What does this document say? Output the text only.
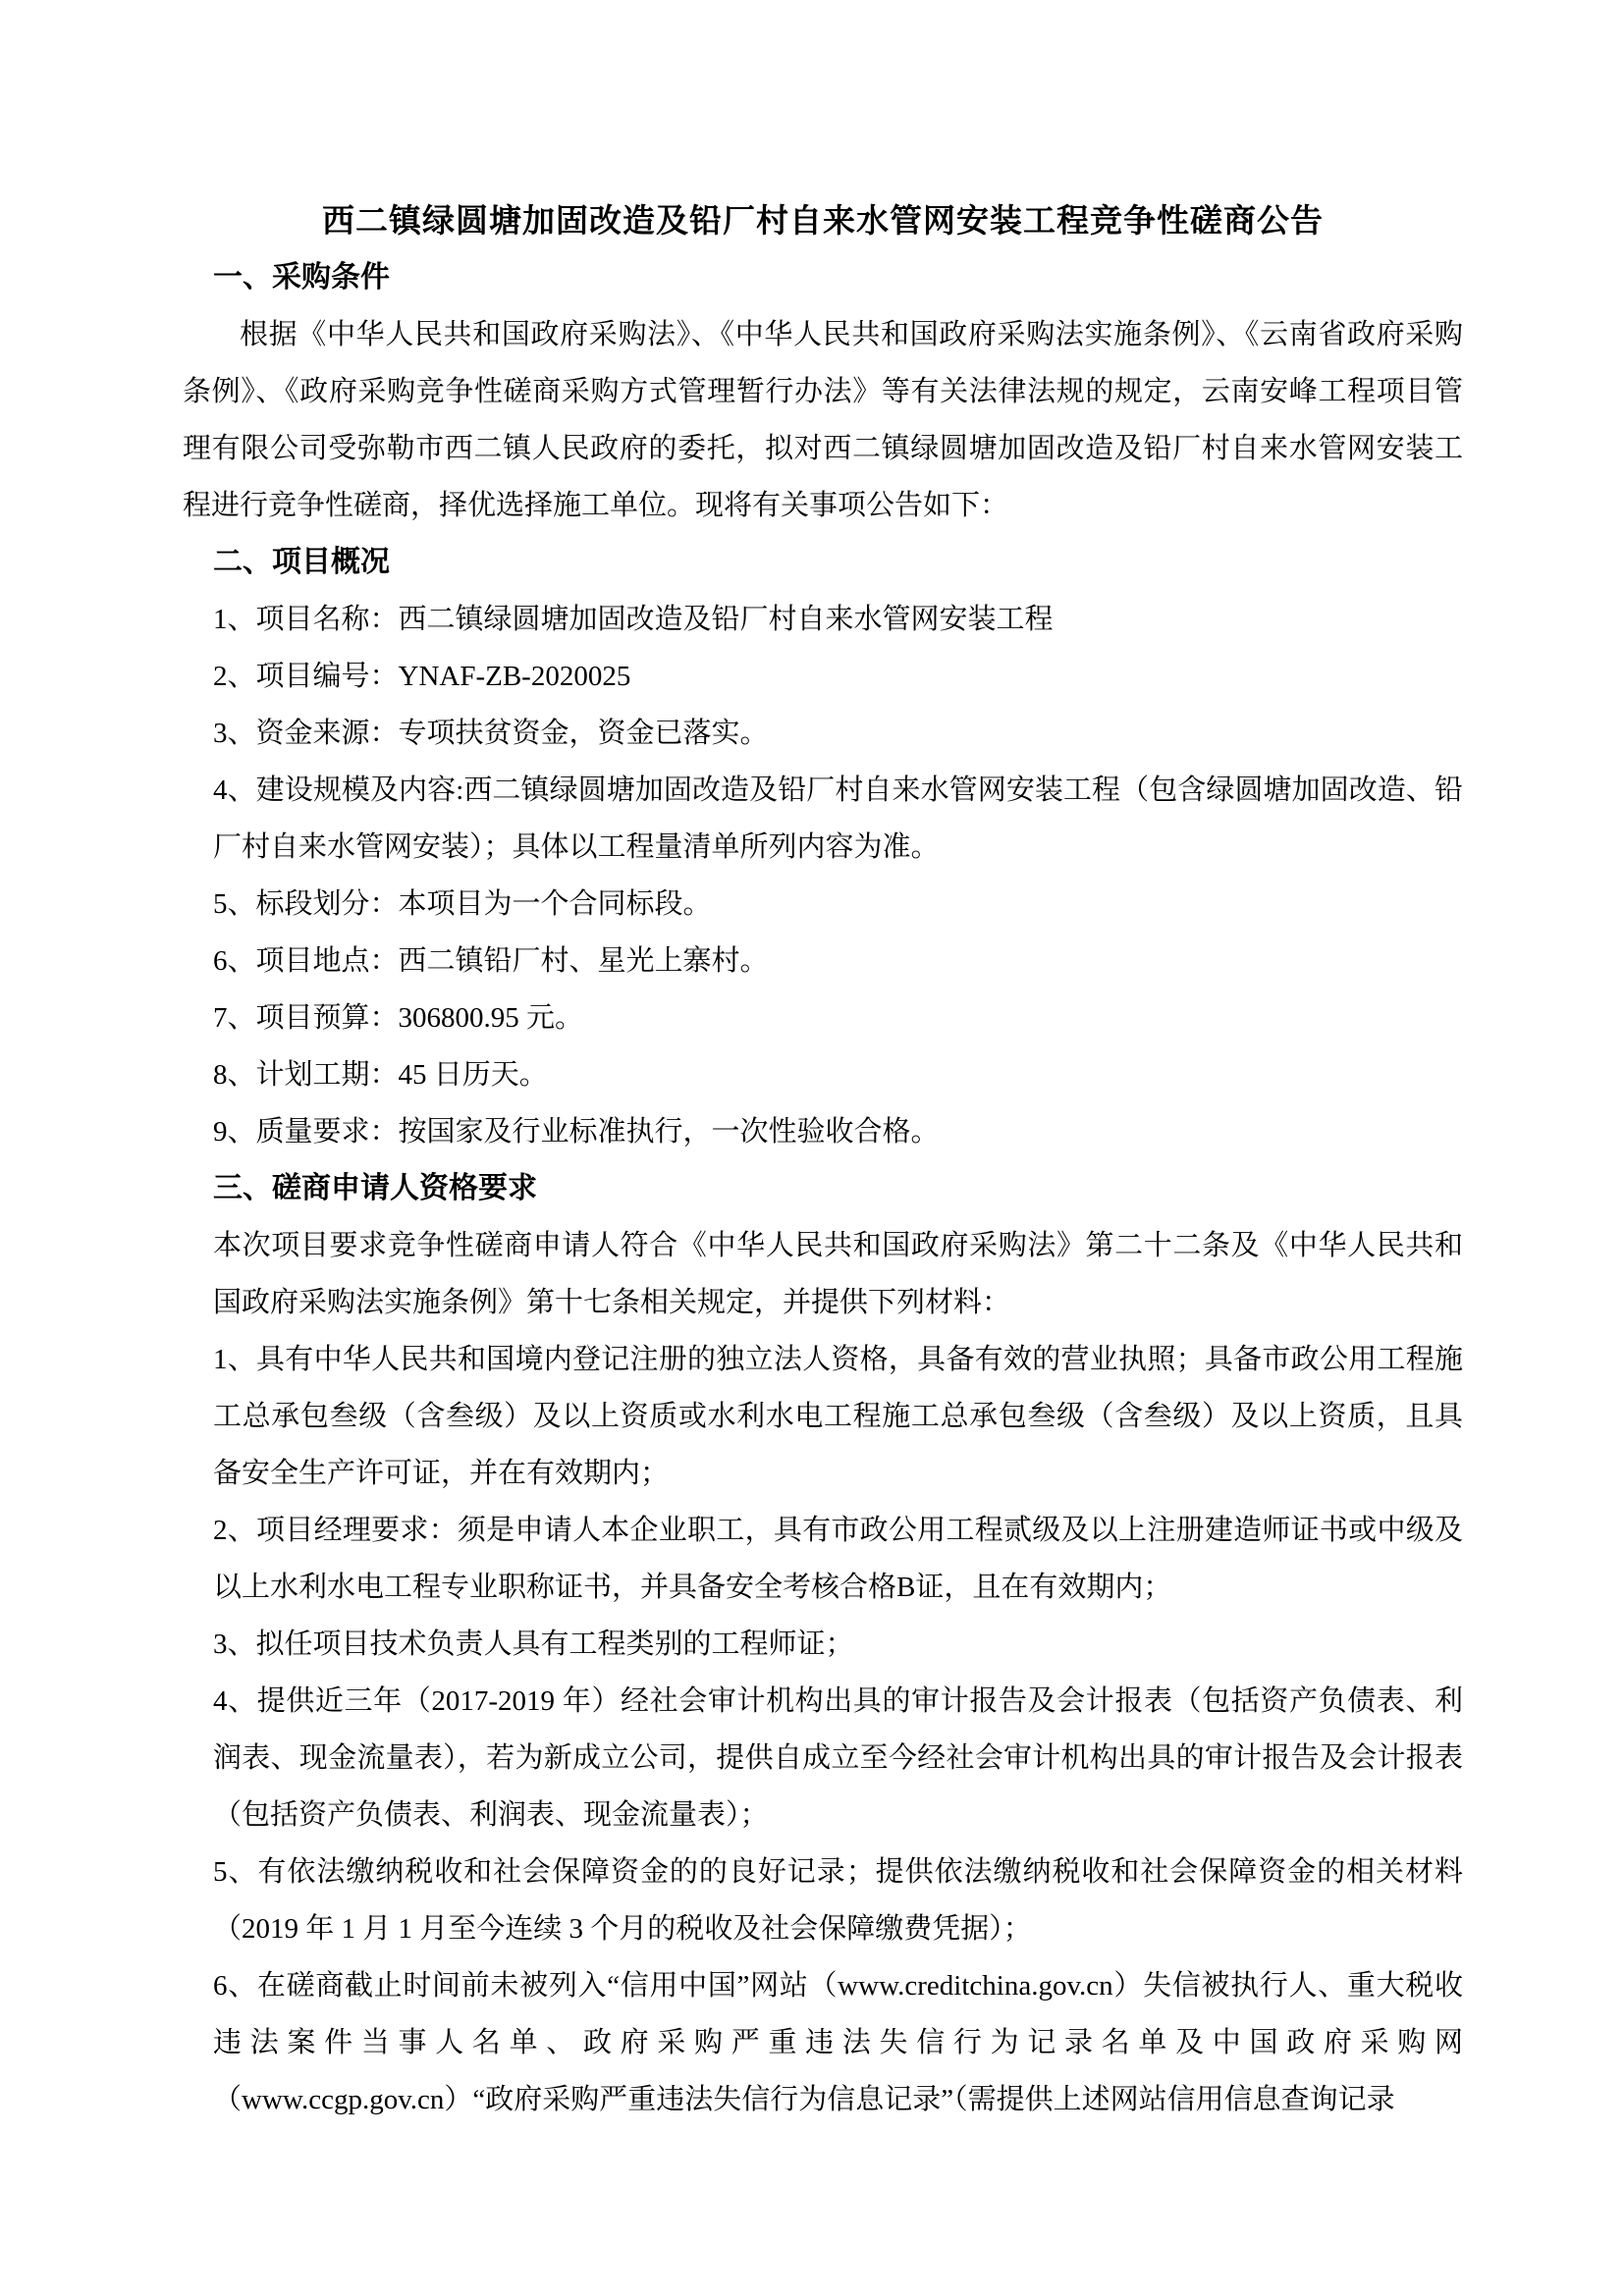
西二镇绿圆塘加固改造及铅厂村自来水管网安装工程竞争性磋商公告
一、采购条件

根据《中华人民共和国政府采购法》、《中华人民共和国政府采购法实施条例》、《云南省政府采购条例》、《政府采购竞争性磋商采购方式管理暂行办法》等有关法律法规的规定，云南安峰工程项目管理有限公司受弥勒市西二镇人民政府的委托，拟对西二镇绿圆塘加固改造及铅厂村自来水管网安装工程进行竞争性磋商，择优选择施工单位。现将有关事项公告如下：

二、项目概况

1、项目名称：西二镇绿圆塘加固改造及铅厂村自来水管网安装工程

2、项目编号：YNAF-ZB-2020025

3、资金来源：专项扶贫资金，资金已落实。

4、建设规模及内容:西二镇绿圆塘加固改造及铅厂村自来水管网安装工程（包含绿圆塘加固改造、铅厂村自来水管网安装）；具体以工程量清单所列内容为准。

5、标段划分：本项目为一个合同标段。

6、项目地点：西二镇铅厂村、星光上寨村。

7、项目预算：306800.95 元。

8、计划工期：45 日历天。

9、质量要求：按国家及行业标准执行，一次性验收合格。

三、磋商申请人资格要求

本次项目要求竞争性磋商申请人符合《中华人民共和国政府采购法》第二十二条及《中华人民共和国政府采购法实施条例》第十七条相关规定，并提供下列材料：

1、具有中华人民共和国境内登记注册的独立法人资格，具备有效的营业执照；具备市政公用工程施工总承包叁级（含叁级）及以上资质或水利水电工程施工总承包叁级（含叁级）及以上资质，且具备安全生产许可证，并在有效期内；

2、项目经理要求：须是申请人本企业职工，具有市政公用工程贰级及以上注册建造师证书或中级及以上水利水电工程专业职称证书，并具备安全考核合格B证，且在有效期内；

3、拟任项目技术负责人具有工程类别的工程师证；

4、提供近三年（2017-2019 年）经社会审计机构出具的审计报告及会计报表（包括资产负债表、利润表、现金流量表），若为新成立公司，提供自成立至今经社会审计机构出具的审计报告及会计报表（包括资产负债表、利润表、现金流量表）；

5、有依法缴纳税收和社会保障资金的的良好记录；提供依法缴纳税收和社会保障资金的相关材料（2019 年 1 月 1 月至今连续 3 个月的税收及社会保障缴费凭据）；

6、在磋商截止时间前未被列入“信用中国”网站（www.creditchina.gov.cn）失信被执行人、重大税收违法案件当事人名单、政府采购严重违法失信行为记录名单及中国政府采购网（www.ccgp.gov.cn）“政府采购严重违法失信行为信息记录”（需提供上述网站信用信息查询记录
